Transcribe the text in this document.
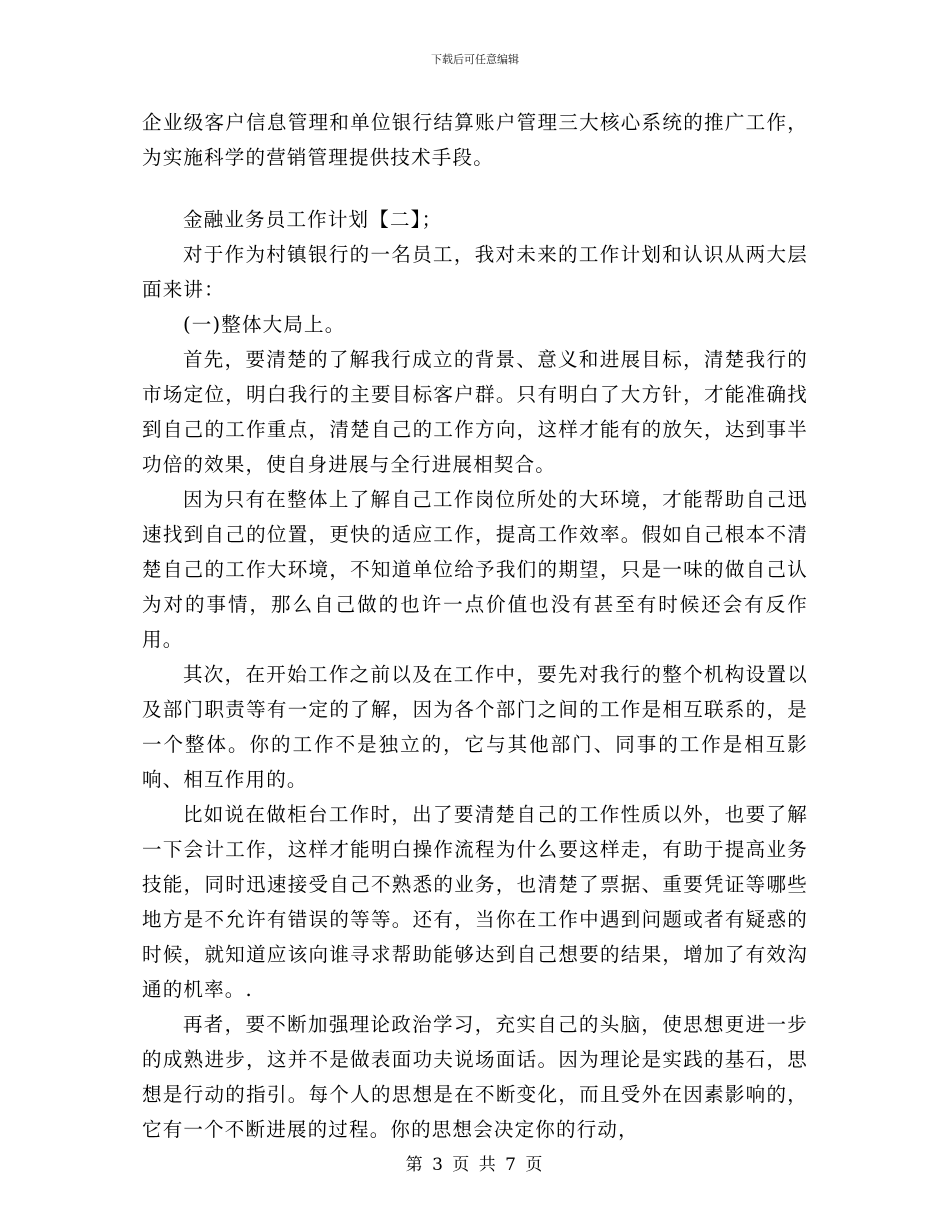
下载后可任意编辑

企业级客户信息管理和单位银行结算账户管理三大核心系统的推广工作，为实施科学的营销管理提供技术手段。

金融业务员工作计划【二】；

对于作为村镇银行的一名员工，我对未来的工作计划和认识从两大层面来讲：

(一)整体大局上。

首先，要清楚的了解我行成立的背景、意义和进展目标，清楚我行的市场定位，明白我行的主要目标客户群。只有明白了大方针，才能准确找到自己的工作重点，清楚自己的工作方向，这样才能有的放矢，达到事半功倍的效果，使自身进展与全行进展相契合。

因为只有在整体上了解自己工作岗位所处的大环境，才能帮助自己迅速找到自己的位置，更快的适应工作，提高工作效率。假如自己根本不清楚自己的工作大环境，不知道单位给予我们的期望，只是一味的做自己认为对的事情，那么自己做的也许一点价值也没有甚至有时候还会有反作用。

其次，在开始工作之前以及在工作中，要先对我行的整个机构设置以及部门职责等有一定的了解，因为各个部门之间的工作是相互联系的，是一个整体。你的工作不是独立的，它与其他部门、同事的工作是相互影响、相互作用的。

比如说在做柜台工作时，出了要清楚自己的工作性质以外，也要了解一下会计工作，这样才能明白操作流程为什么要这样走，有助于提高业务技能，同时迅速接受自己不熟悉的业务，也清楚了票据、重要凭证等哪些地方是不允许有错误的等等。还有，当你在工作中遇到问题或者有疑惑的时候，就知道应该向谁寻求帮助能够达到自己想要的结果，增加了有效沟通的机率。.

再者，要不断加强理论政治学习，充实自己的头脑，使思想更进一步的成熟进步，这并不是做表面功夫说场面话。因为理论是实践的基石，思想是行动的指引。每个人的思想是在不断变化，而且受外在因素影响的，它有一个不断进展的过程。你的思想会决定你的行动，

第 3 页 共 7 页
